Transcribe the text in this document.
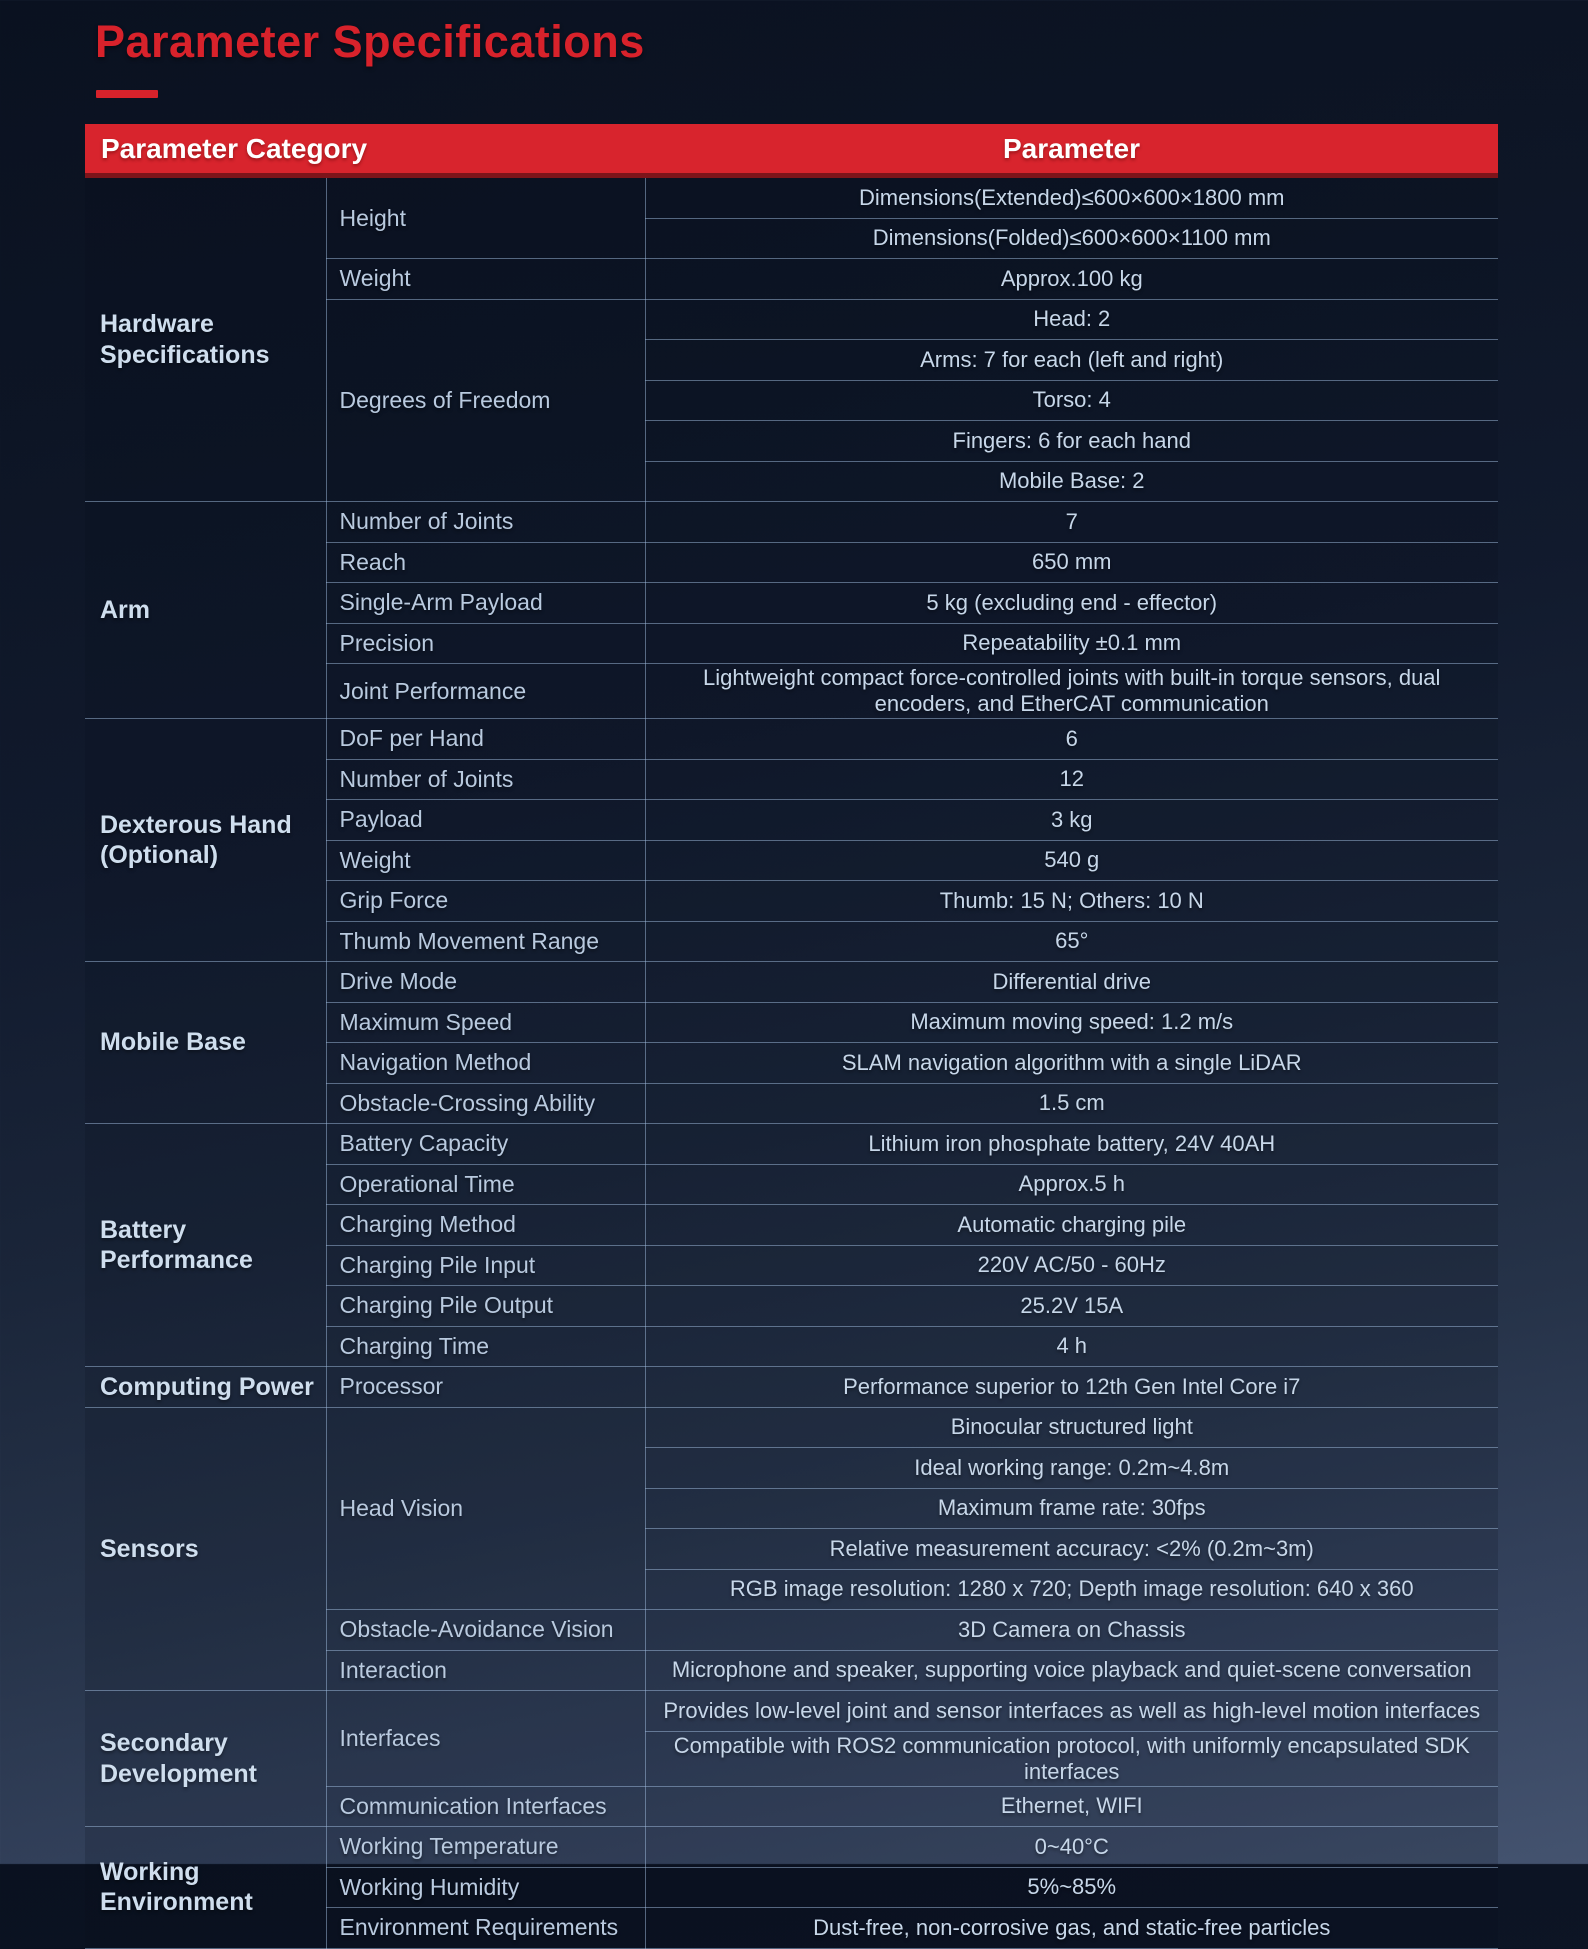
Parameter Specifications
Parameter Category		Parameter
Hardware Specifications	Height	Dimensions(Extended)≤600×600×1800 mm
		Dimensions(Folded)≤600×600×1100 mm
	Weight	Approx.100 kg
	Degrees of Freedom	Head: 2
		Arms: 7 for each (left and right)
		Torso: 4
		Fingers: 6 for each hand
		Mobile Base: 2
Arm	Number of Joints	7
	Reach	650 mm
	Single-Arm Payload	5 kg (excluding end - effector)
	Precision	Repeatability ±0.1 mm
	Joint Performance	Lightweight compact force-controlled joints with built-in torque sensors, dual encoders, and EtherCAT communication
Dexterous Hand (Optional)	DoF per Hand	6
	Number of Joints	12
	Payload	3 kg
	Weight	540 g
	Grip Force	Thumb: 15 N; Others: 10 N
	Thumb Movement Range	65°
Mobile Base	Drive Mode	Differential drive
	Maximum Speed	Maximum moving speed: 1.2 m/s
	Navigation Method	SLAM navigation algorithm with a single LiDAR
	Obstacle-Crossing Ability	1.5 cm
Battery Performance	Battery Capacity	Lithium iron phosphate battery, 24V 40AH
	Operational Time	Approx.5 h
	Charging Method	Automatic charging pile
	Charging Pile Input	220V AC/50 - 60Hz
	Charging Pile Output	25.2V 15A
	Charging Time	4 h
Computing Power	Processor	Performance superior to 12th Gen Intel Core i7
Sensors	Head Vision	Binocular structured light
		Ideal working range: 0.2m~4.8m
		Maximum frame rate: 30fps
		Relative measurement accuracy: <2% (0.2m~3m)
		RGB image resolution: 1280 x 720; Depth image resolution: 640 x 360
	Obstacle-Avoidance Vision	3D Camera on Chassis
	Interaction	Microphone and speaker, supporting voice playback and quiet-scene conversation
Secondary Development	Interfaces	Provides low-level joint and sensor interfaces as well as high-level motion interfaces
		Compatible with ROS2 communication protocol, with uniformly encapsulated SDK interfaces
	Communication Interfaces	Ethernet, WIFI
Working Environment	Working Temperature	0~40°C
	Working Humidity	5%~85%
	Environment Requirements	Dust-free, non-corrosive gas, and static-free particles
